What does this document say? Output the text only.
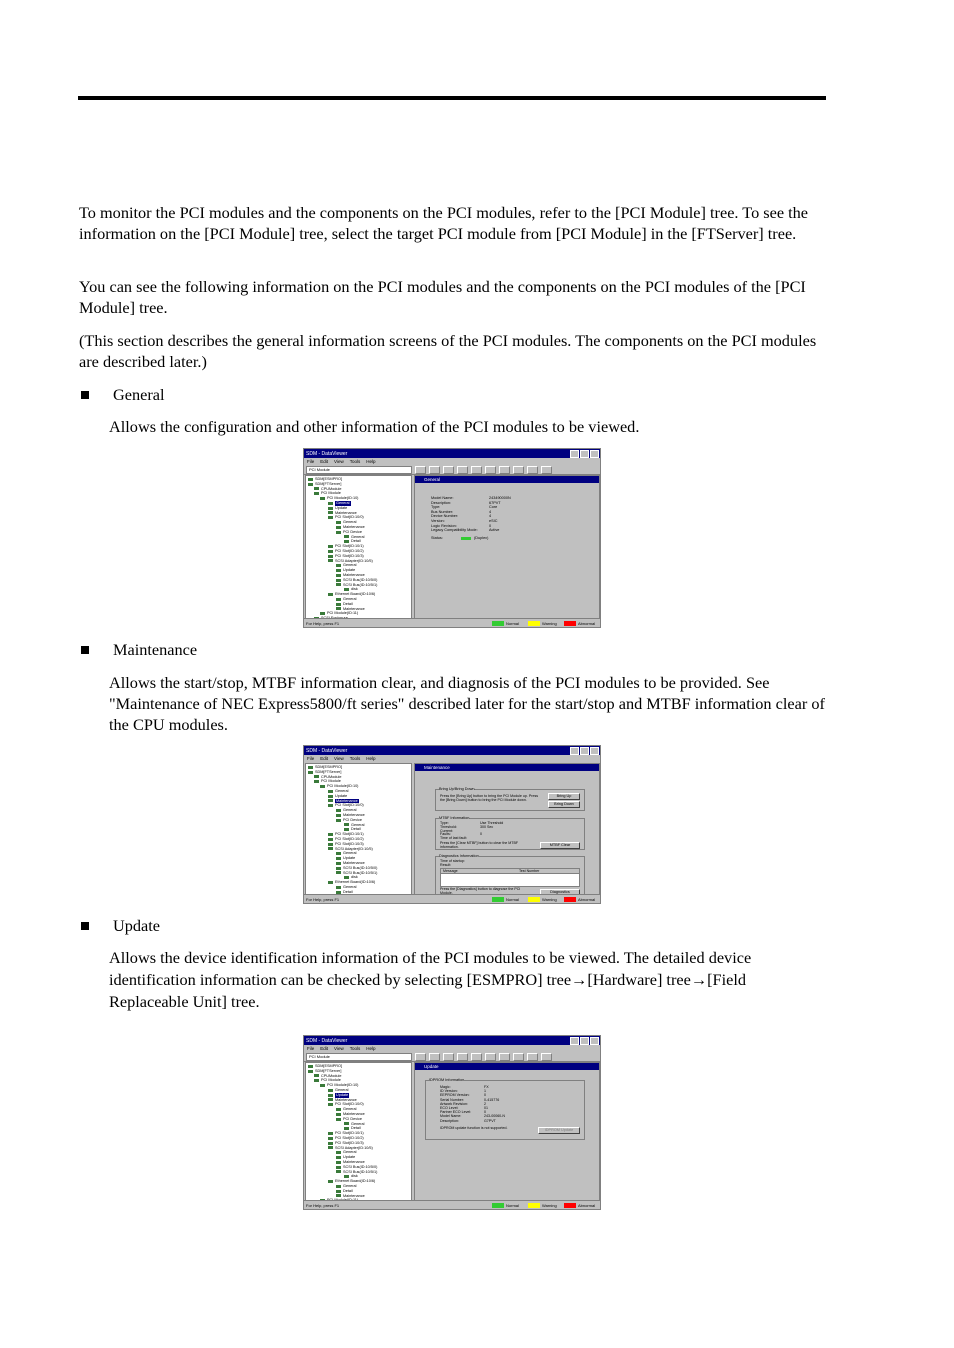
To monitor the PCI modules and the components on the PCI modules, refer to the [PCI Module] tree. To see the information on the [PCI Module] tree, select the target PCI module from [PCI Module] in the [FTServer] tree.

You can see the following information on the PCI modules and the components on the PCI modules of the [PCI Module] tree.

(This section describes the general information screens of the PCI modules. The components on the PCI modules are described later.)

General

Allows the configuration and other information of the PCI modules to be viewed.

SDM - DataViewer
File Edit View Tools Help
PCI Module
SDM[ESMPRO]
SDM[FTServer]
CPUModule
PCI Module
PCI Module(ID:10)
General
Update
Maintenance
PCI Slot(ID:10/0)
General
Maintenance
PCI Device
General
Detail
PCI Slot(ID:10/1)
PCI Slot(ID:10/2)
PCI Slot(ID:10/3)
SCSI Adapter(ID:10/5)
General
Update
Maintenance
SCSI Bus(ID:10/5/0)
SCSI Bus(ID:10/5/1)
disk
Ethernet Board(ID:10/6)
General
Detail
Maintenance
PCI Module(ID:11)
SCSI Enclosure
General
Model Name:	243490000N
Description:	67PVT
Type:	Core
Bus Number:	4
Device Number:	4
Version:	eSIC
Logic Revision:	0
Legacy Compatibility Mode:	Active
Status:	(Duplex)
For Help, press F1	Normal	Warning	Abnormal
Maintenance

Allows the start/stop, MTBF information clear, and diagnosis of the PCI modules to be provided. See "Maintenance of NEC Express5800/ft series" described later for the start/stop and MTBF information clear of the CPU modules.

SDM - DataViewer
File Edit View Tools Help
SDM[ESMPRO]
SDM[FTServer]
CPUModule
PCI Module
PCI Module(ID:10)
General
Update
Maintenance
PCI Slot(ID:10/0)
General
Maintenance
PCI Device
General
Detail
PCI Slot(ID:10/1)
PCI Slot(ID:10/2)
PCI Slot(ID:10/3)
SCSI Adapter(ID:10/5)
General
Update
Maintenance
SCSI Bus(ID:10/5/0)
SCSI Bus(ID:10/5/1)
disk
Ethernet Board(ID:10/6)
General
Detail
Maintenance
Bring Up/Bring Down
Press the [Bring Up] button to bring the PCI Module up. Press the [Bring Down] button to bring the PCI Module down.
Bring Up
Bring Down
MTBF Information
Type:	Use Threshold
Threshold:	300 Sec
Current:
Faults:	0
Time of last fault:
Press the [Clear MTBF] button to clear the MTBF information.	MTBF Clear
Diagnostics Information
Time of startup:
Result:
Message	Test Number
Press the [Diagnostics] button to diagnose the PCI Module.	Diagnostics
For Help, press F1	Normal	Warning	Abnormal
Update

Allows the device identification information of the PCI modules to be viewed. The detailed device identification information can be checked by selecting [ESMPRO] tree→[Hardware] tree→[Field Replaceable Unit] tree.

SDM - DataViewer
File Edit View Tools Help
PCI Module
SDM[ESMPRO]
SDM[FTServer]
CPUModule
PCI Module
PCI Module(ID:10)
General
Update
Maintenance
PCI Slot(ID:10/0)
General
Maintenance
PCI Device
General
Detail
PCI Slot(ID:10/1)
PCI Slot(ID:10/2)
PCI Slot(ID:10/3)
SCSI Adapter(ID:10/5)
General
Update
Maintenance
SCSI Bus(ID:10/5/0)
SCSI Bus(ID:10/5/1)
disk
Ethernet Board(ID:10/6)
General
Detail
Maintenance
PCI Module(ID:11)
Update
IDPROM Information
Magic:	FX
ID Version:	1
EEPROM Version:	0
Serial Number:	0-415776
Artwork Revision:	2
ECO Level:	01
Partner ECO Level:	0
Model Name:	243-00060-N
Description:	G7PVT
IDPROM update function is not supported.	IDPROM Update
For Help, press F1	Normal	Warning	Abnormal
